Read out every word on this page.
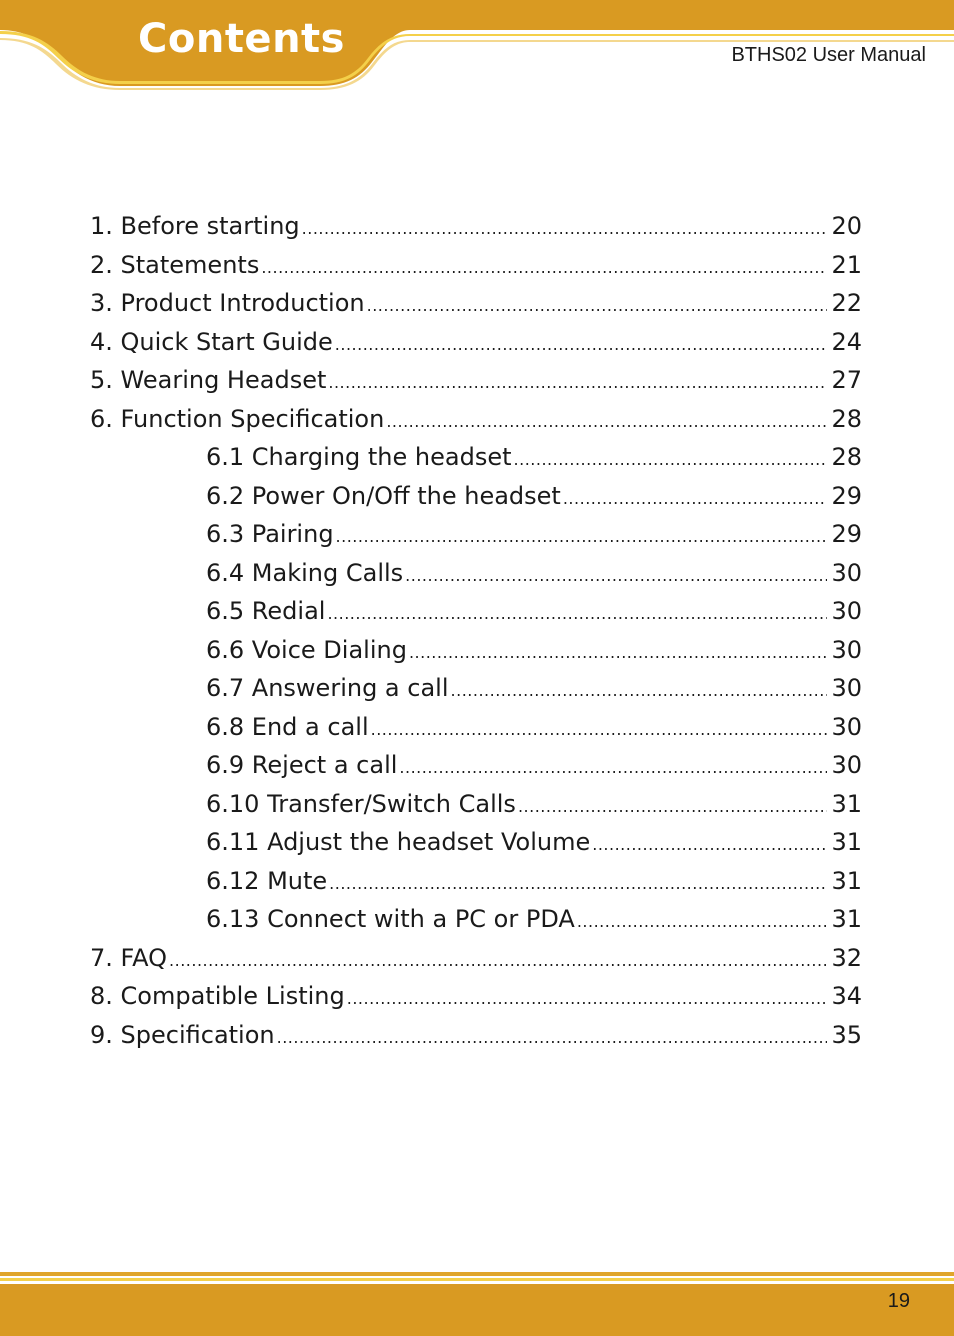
Contents	BTHS02 User Manual
1. Before starting .....	20
2. Statements .....	21
3. Product Introduction .....	22
4. Quick Start Guide .....	24
5. Wearing Headset .....	27
6. Function Specification .....	28
6.1 Charging the headset .....	28
6.2 Power On/Off the headset .....	29
6.3 Pairing .....	29
6.4 Making Calls .....	30
6.5 Redial .....	30
6.6 Voice Dialing .....	30
6.7 Answering a call .....	30
6.8 End a call .....	30
6.9 Reject a call .....	30
6.10 Transfer/Switch Calls .....	31
6.11 Adjust the headset Volume .....	31
6.12 Mute .....	31
6.13 Connect with a PC or PDA .....	31
7. FAQ .....	32
8. Compatible Listing .....	34
9. Specification .....	35
19
